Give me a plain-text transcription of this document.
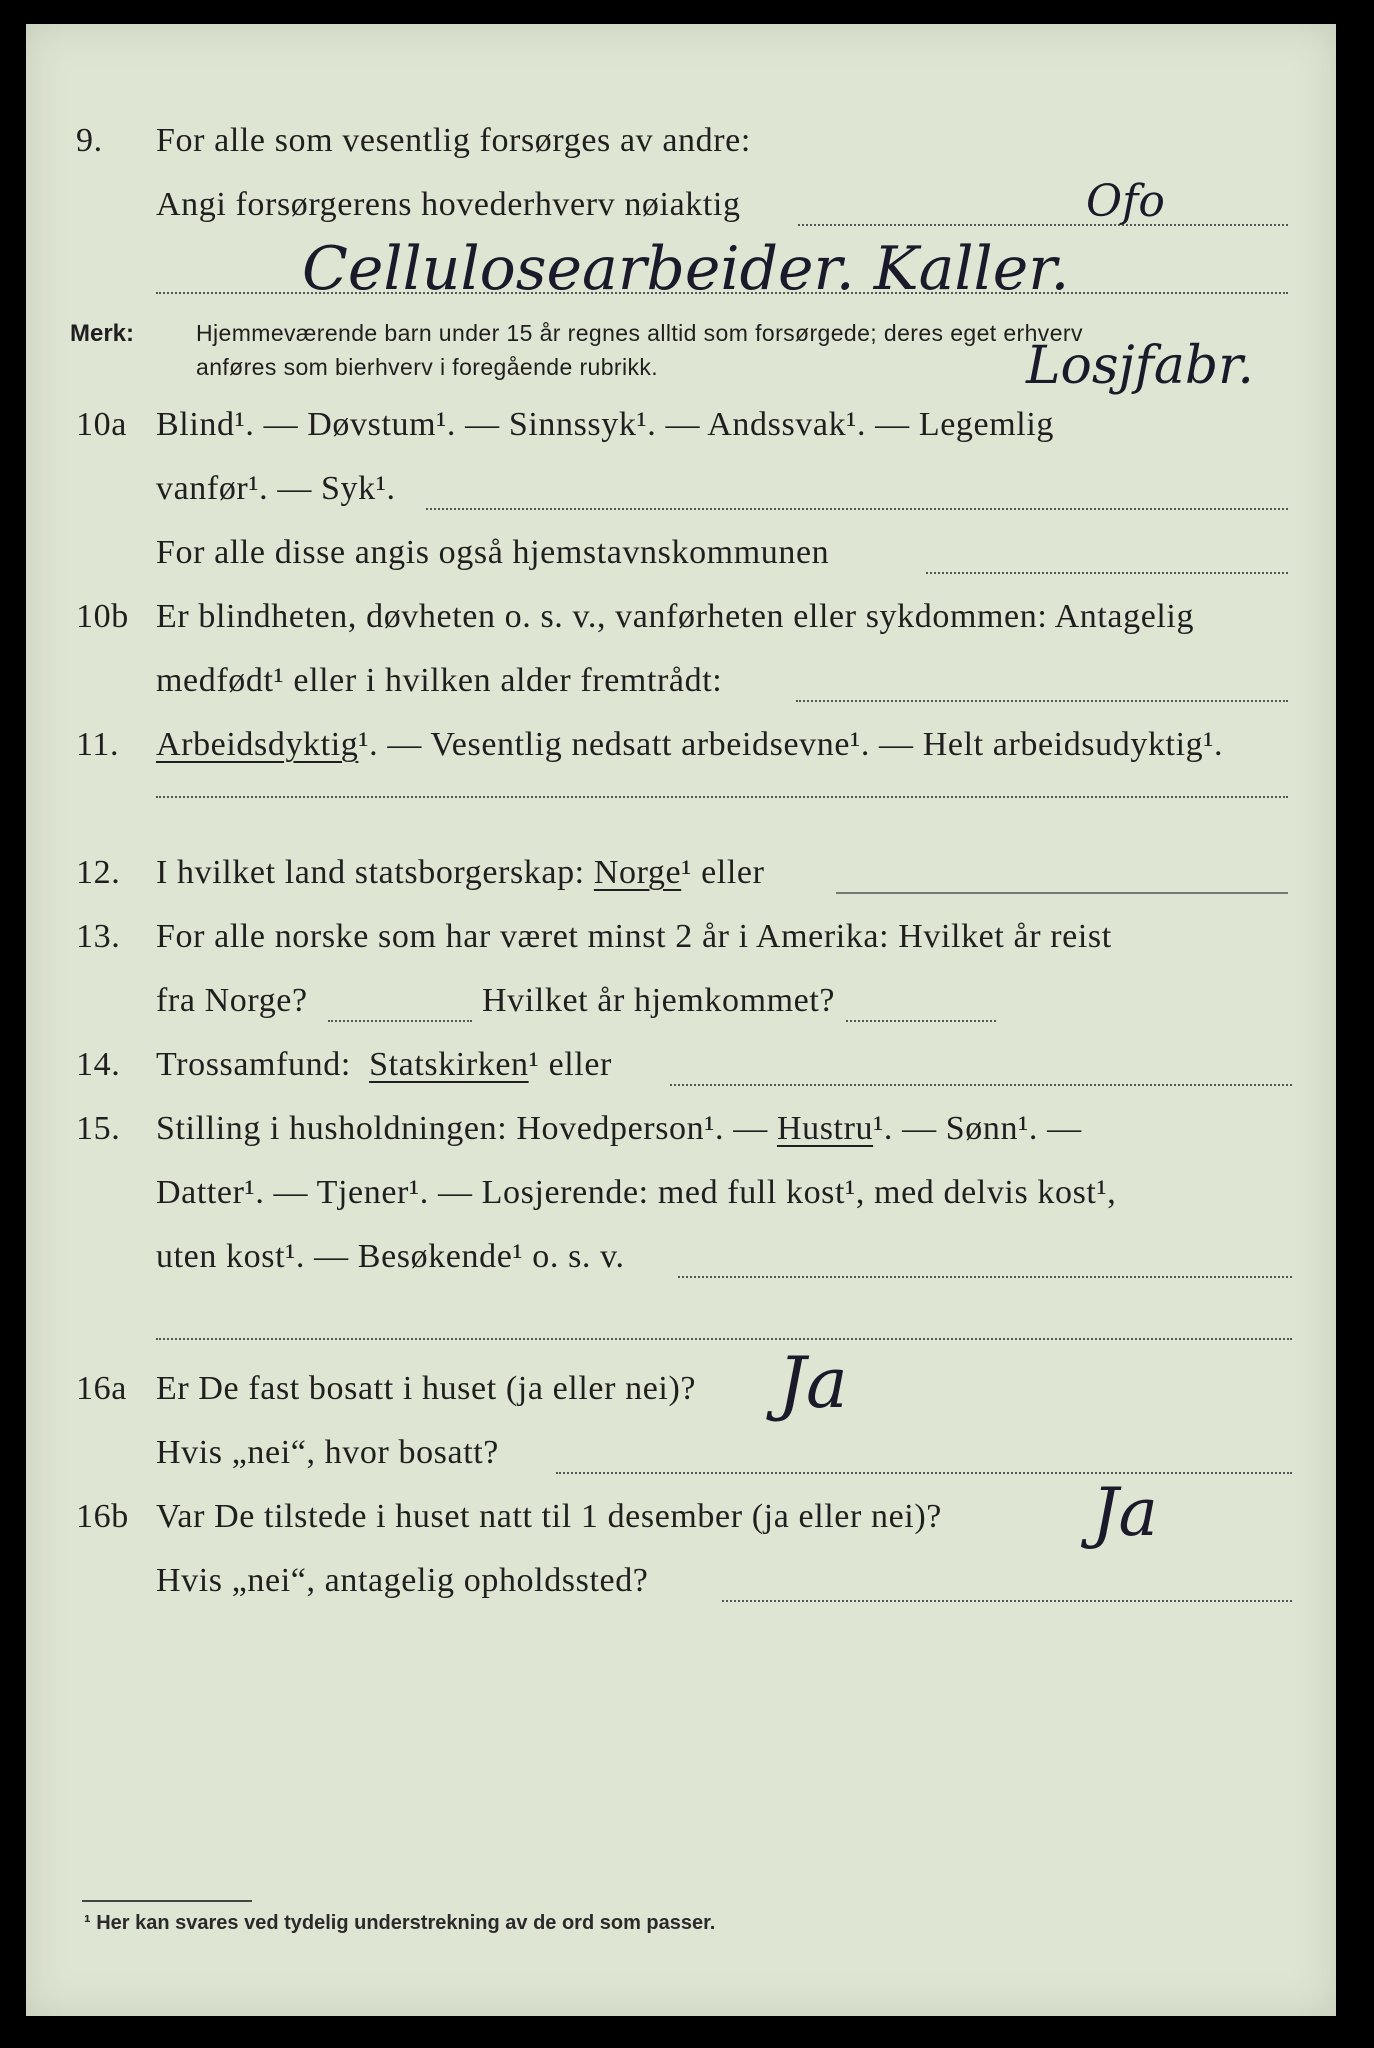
9. For alle som vesentlig forsørges av andre:
Angi forsørgerens hovederhverv nøiaktig	Ofo
Cellulosearbeider. Kaller.
Merk:	Hjemmeværende barn under 15 år regnes alltid som forsørgede; deres eget erhverv
anføres som bierhverv i foregående rubrikk.	Losjfabr.
10a Blind¹. — Døvstum¹. — Sinnssyk¹. — Andssvak¹. — Legemlig
vanfør¹. — Syk¹.
For alle disse angis også hjemstavnskommunen
10b Er blindheten, døvheten o. s. v., vanførheten eller sykdommen: Antagelig
medfødt¹ eller i hvilken alder fremtrådt:
11. Arbeidsdyktig¹. — Vesentlig nedsatt arbeidsevne¹. — Helt arbeidsudyktig¹.
12. I hvilket land statsborgerskap: Norge¹ eller
13. For alle norske som har været minst 2 år i Amerika: Hvilket år reist
fra Norge?	Hvilket år hjemkommet?
14. Trossamfund: Statskirken¹ eller
15. Stilling i husholdningen: Hovedperson¹. — Hustru¹. — Sønn¹. —
Datter¹. — Tjener¹. — Losjerende: med full kost¹, med delvis kost¹,
uten kost¹. — Besøkende¹ o. s. v.
16a Er De fast bosatt i huset (ja eller nei)? Ja
Hvis „nei“, hvor bosatt?
16b Var De tilstede i huset natt til 1 desember (ja eller nei)? Ja
Hvis „nei“, antagelig opholdssted?
¹ Her kan svares ved tydelig understrekning av de ord som passer.
